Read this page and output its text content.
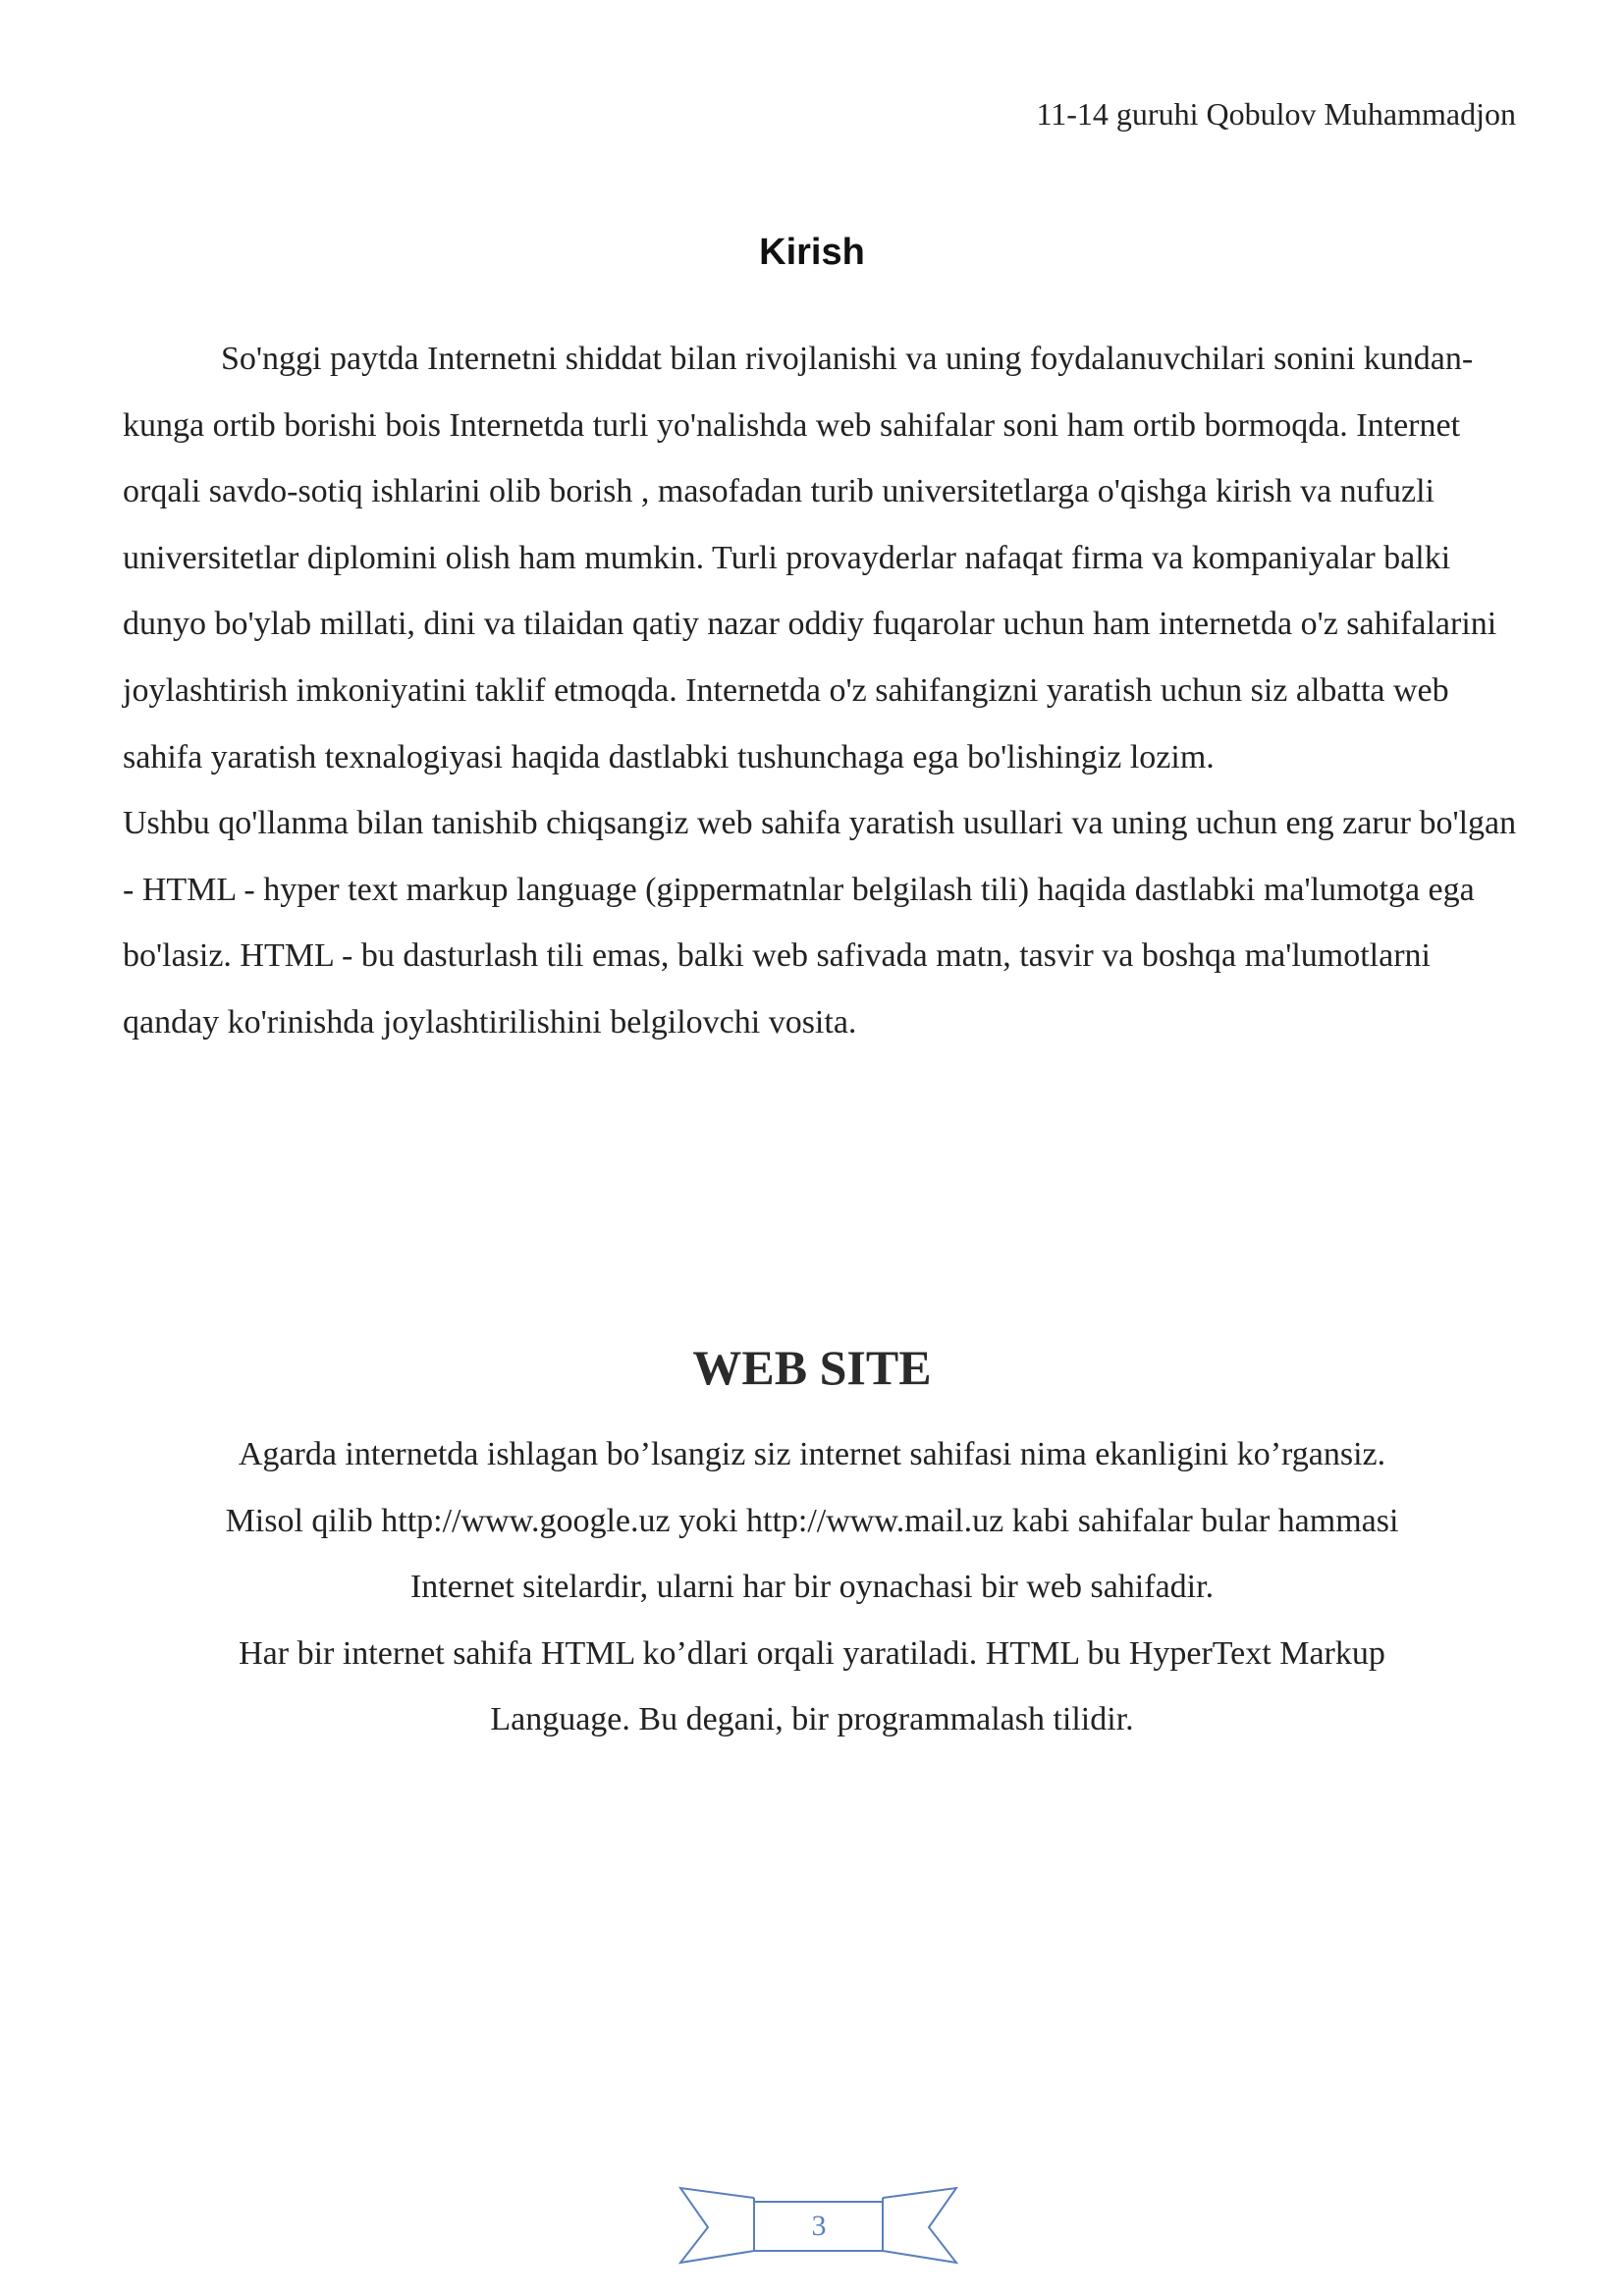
11-14 guruhi Qobulov Muhammadjon
Kirish

So'nggi paytda Internetni shiddat bilan rivojlanishi va uning foydalanuvchilari sonini kundan-kunga ortib borishi bois Internetda turli yo'nalishda web sahifalar soni ham ortib bormoqda. Internet orqali savdo-sotiq ishlarini olib borish , masofadan turib universitetlarga o'qishga kirish va nufuzli universitetlar diplomini olish ham mumkin. Turli provayderlar nafaqat firma va kompaniyalar balki dunyo bo'ylab millati, dini va tilaidan qatiy nazar oddiy fuqarolar uchun ham internetda o'z sahifalarini joylashtirish imkoniyatini taklif etmoqda. Internetda o'z sahifangizni yaratish uchun siz albatta web sahifa yaratish texnalogiyasi haqida dastlabki tushunchaga ega bo'lishingiz lozim.

Ushbu qo'llanma bilan tanishib chiqsangiz web sahifa yaratish usullari va uning uchun eng zarur bo'lgan - HTML - hyper text markup language (gippermatnlar belgilash tili) haqida dastlabki ma'lumotga ega bo'lasiz. HTML - bu dasturlash tili emas, balki web safivada matn, tasvir va boshqa ma'lumotlarni qanday ko'rinishda joylashtirilishini belgilovchi vosita.

WEB SITE

Agarda internetda ishlagan bo’lsangiz siz internet sahifasi nima ekanligini ko’rgansiz.

Misol qilib http://www.google.uz yoki http://www.mail.uz kabi sahifalar bular hammasi

Internet sitelardir, ularni har bir oynachasi bir web sahifadir.

Har bir internet sahifa HTML ko’dlari orqali yaratiladi. HTML bu HyperText Markup

Language. Bu degani, bir programmalash tilidir.

3
